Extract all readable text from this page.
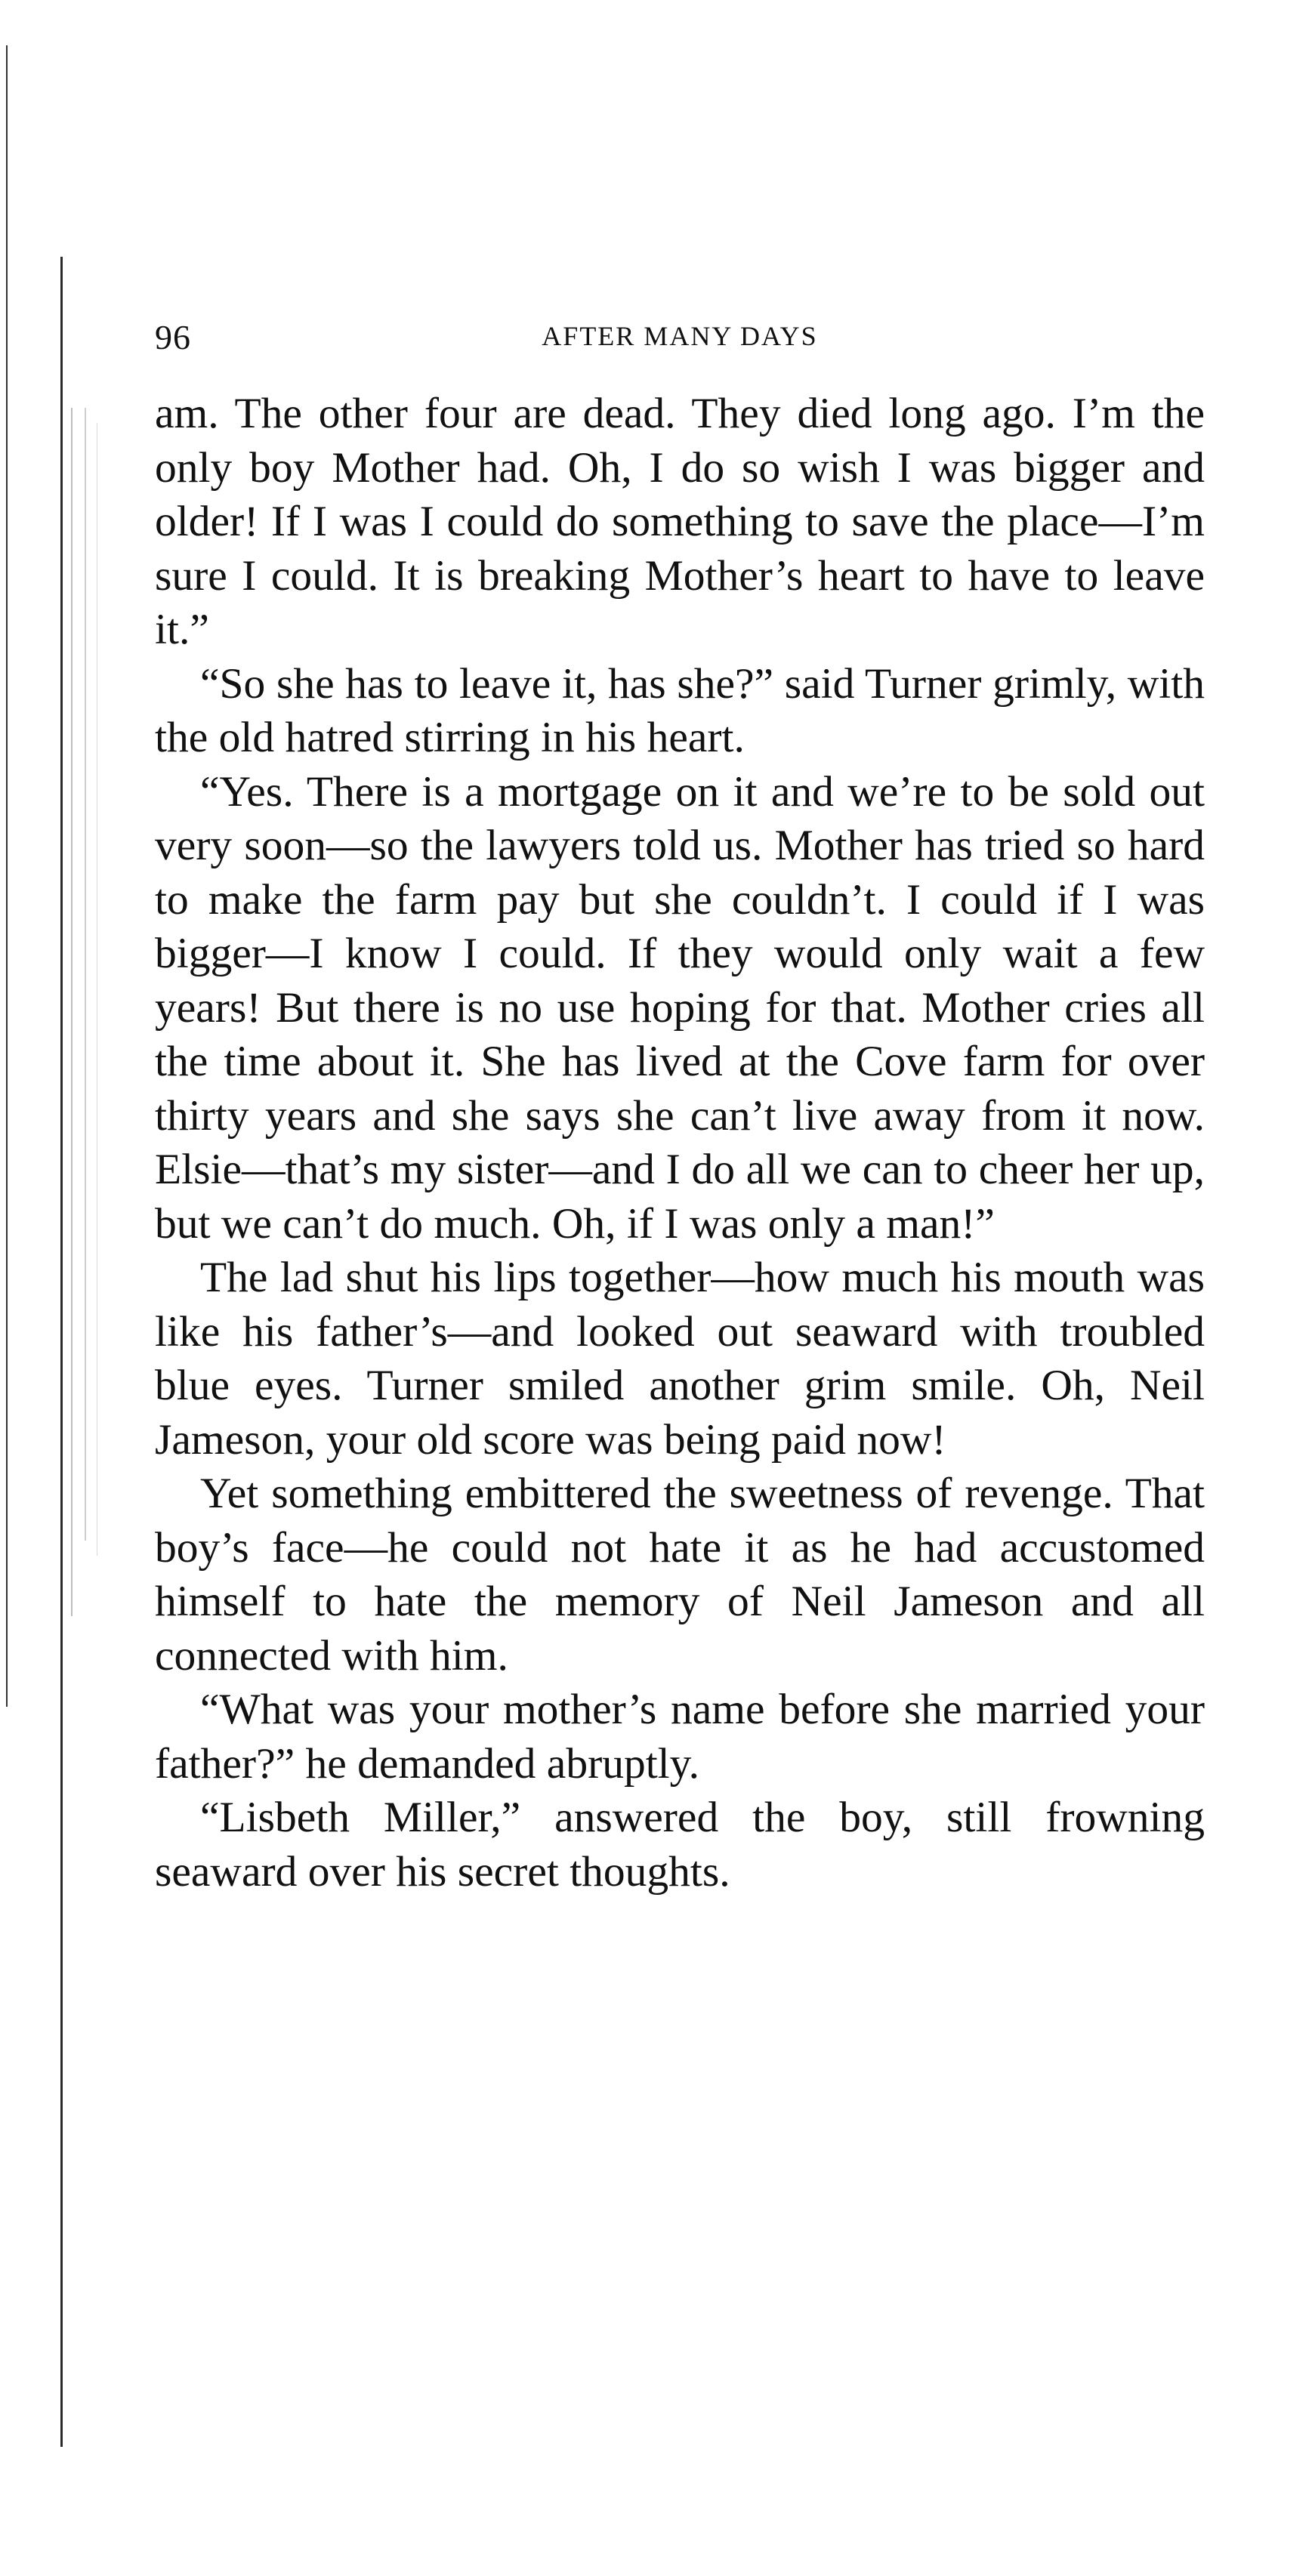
96	AFTER MANY DAYS

am. The other four are dead. They died long ago. I’m the only boy Mother had. Oh, I do so wish I was bigger and older! If I was I could do something to save the place—I’m sure I could. It is breaking Mother’s heart to have to leave it.”

“So she has to leave it, has she?” said Turner grimly, with the old hatred stirring in his heart.

“Yes. There is a mortgage on it and we’re to be sold out very soon—so the lawyers told us. Mother has tried so hard to make the farm pay but she couldn’t. I could if I was bigger—I know I could. If they would only wait a few years! But there is no use hoping for that. Mother cries all the time about it. She has lived at the Cove farm for over thirty years and she says she can’t live away from it now. Elsie—that’s my sister—and I do all we can to cheer her up, but we can’t do much. Oh, if I was only a man!”

The lad shut his lips together—how much his mouth was like his father’s—and looked out seaward with troubled blue eyes. Turner smiled another grim smile. Oh, Neil Jameson, your old score was being paid now!

Yet something embittered the sweetness of revenge. That boy’s face—he could not hate it as he had accustomed himself to hate the memory of Neil Jameson and all connected with him.

“What was your mother’s name before she married your father?” he demanded abruptly.

“Lisbeth Miller,” answered the boy, still frowning seaward over his secret thoughts.
